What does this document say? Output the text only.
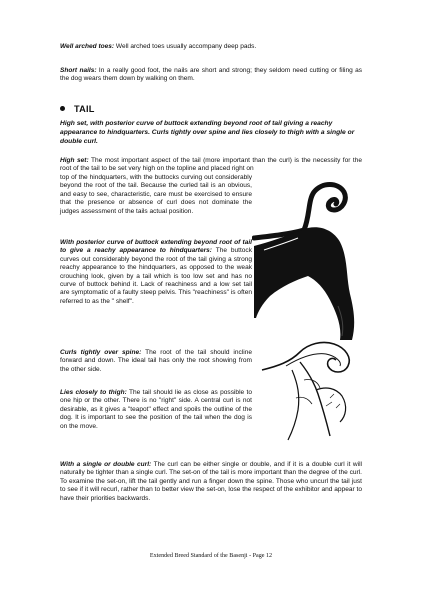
Well arched toes: Well arched toes usually accompany deep pads.

Short nails: In a really good foot, the nails are short and strong; they seldom need cutting or filing as the dog wears them down by walking on them.

TAIL
High set, with posterior curve of buttock extending beyond root of tail giving a reachy appearance to hindquarters. Curls tightly over spine and lies closely to thigh with a single or double curl.

High set: The most important aspect of the tail (more important than the curl) is the necessity for the root of the tail to be set very high on the topline and placed right on

top of the hindquarters, with the buttocks curving out considerably beyond the root of the tail. Because the curled tail is an obvious, and easy to see, characteristic, care must be exercised to ensure that the presence or absence of curl does not dominate the judges assessment of the tails actual position.

With posterior curve of buttock extending beyond root of tail to give a reachy appearance to hindquarters: The buttock curves out considerably beyond the root of the tail giving a strong reachy appearance to the hindquarters, as opposed to the weak crouching look, given by a tail which is too low set and has no curve of buttock behind it. Lack of reachiness and a low set tail are symptomatic of a faulty steep pelvis. This "reachiness" is often referred to as the " shelf".

Curls tightly over spine: The root of the tail should incline forward and down. The ideal tail has only the root showing from the other side.

Lies closely to thigh: The tail should lie as close as possible to one hip or the other. There is no "right" side. A central curl is not desirable, as it gives a "teapot" effect and spoils the outline of the dog. It is important to see the position of the tail when the dog is on the move.

With a single or double curl: The curl can be either single or double, and if it is a double curl it will naturally be tighter than a single curl. The set-on of the tail is more important than the degree of the curl. To examine the set-on, lift the tail gently and run a finger down the spine. Those who uncurl the tail just to see if it will recurl, rather than to better view the set-on, lose the respect of the exhibitor and appear to have their priorities backwards.

Extended Breed Standard of the Basenji - Page 12
